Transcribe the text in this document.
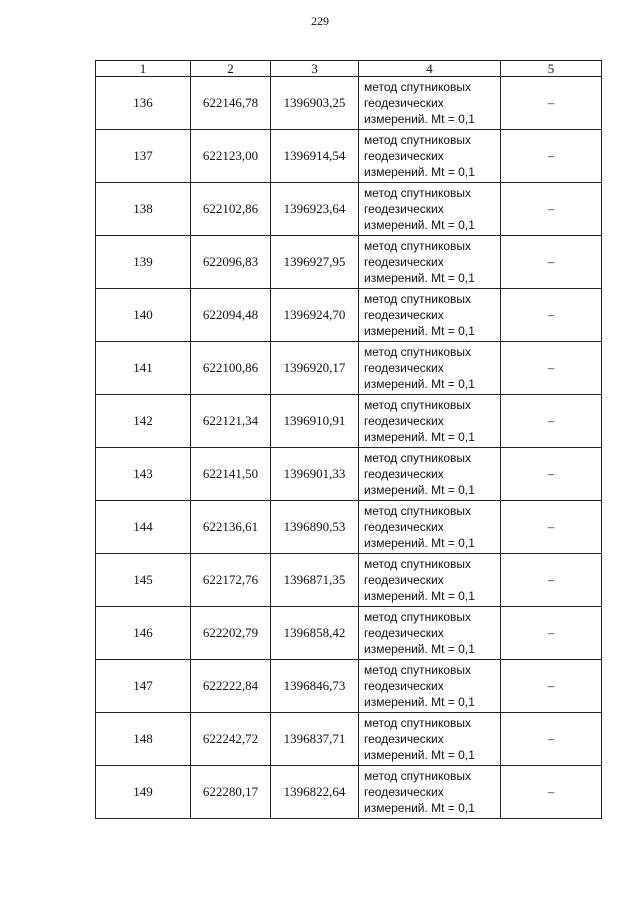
229
1	2	3	4	5
136	622146,78	1396903,25	метод спутниковых
геодезических
измерений. Mt = 0,1	–
137	622123,00	1396914,54	метод спутниковых
геодезических
измерений. Mt = 0,1	–
138	622102,86	1396923,64	метод спутниковых
геодезических
измерений. Mt = 0,1	–
139	622096,83	1396927,95	метод спутниковых
геодезических
измерений. Mt = 0,1	–
140	622094,48	1396924,70	метод спутниковых
геодезических
измерений. Mt = 0,1	–
141	622100,86	1396920,17	метод спутниковых
геодезических
измерений. Mt = 0,1	–
142	622121,34	1396910,91	метод спутниковых
геодезических
измерений. Mt = 0,1	–
143	622141,50	1396901,33	метод спутниковых
геодезических
измерений. Mt = 0,1	–
144	622136,61	1396890,53	метод спутниковых
геодезических
измерений. Mt = 0,1	–
145	622172,76	1396871,35	метод спутниковых
геодезических
измерений. Mt = 0,1	–
146	622202,79	1396858,42	метод спутниковых
геодезических
измерений. Mt = 0,1	–
147	622222,84	1396846,73	метод спутниковых
геодезических
измерений. Mt = 0,1	–
148	622242,72	1396837,71	метод спутниковых
геодезических
измерений. Mt = 0,1	–
149	622280,17	1396822,64	метод спутниковых
геодезических
измерений. Mt = 0,1	–
